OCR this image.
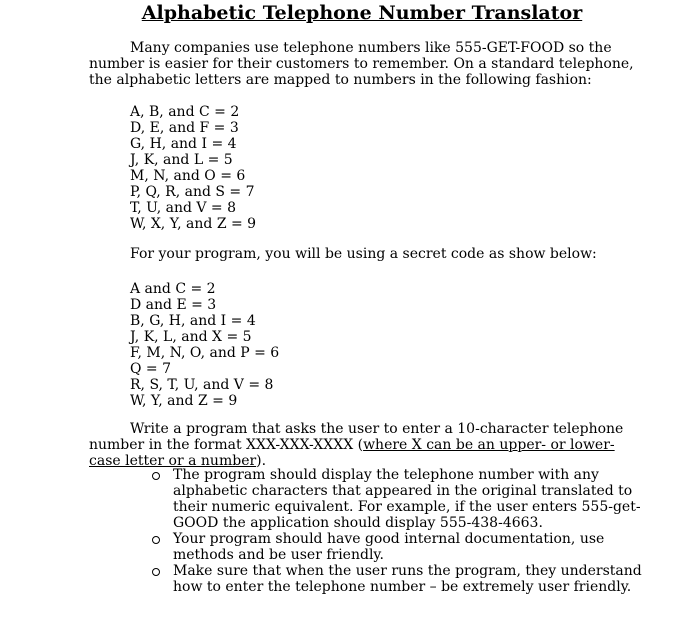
Alphabetic Telephone Number Translator
Many companies use telephone numbers like 555-GET-FOOD so the number is easier for their customers to remember. On a standard telephone, the alphabetic letters are mapped to numbers in the following fashion:
A, B, and C = 2
D, E, and F = 3
G, H, and I = 4
J, K, and L = 5
M, N, and O = 6
P, Q, R, and S = 7
T, U, and V = 8
W, X, Y, and Z = 9
For your program, you will be using a secret code as show below:
A and C = 2
D and E = 3
B, G, H, and I = 4
J, K, L, and X = 5
F, M, N, O, and P = 6
Q = 7
R, S, T, U, and V = 8
W, Y, and Z = 9
Write a program that asks the user to enter a 10-character telephone number in the format XXX-XXX-XXXX (where X can be an upper- or lower-case letter or a number).
The program should display the telephone number with any alphabetic characters that appeared in the original translated to their numeric equivalent. For example, if the user enters 555-get-GOOD the application should display 555-438-4663.
Your program should have good internal documentation, use methods and be user friendly.
Make sure that when the user runs the program, they understand how to enter the telephone number – be extremely user friendly.
